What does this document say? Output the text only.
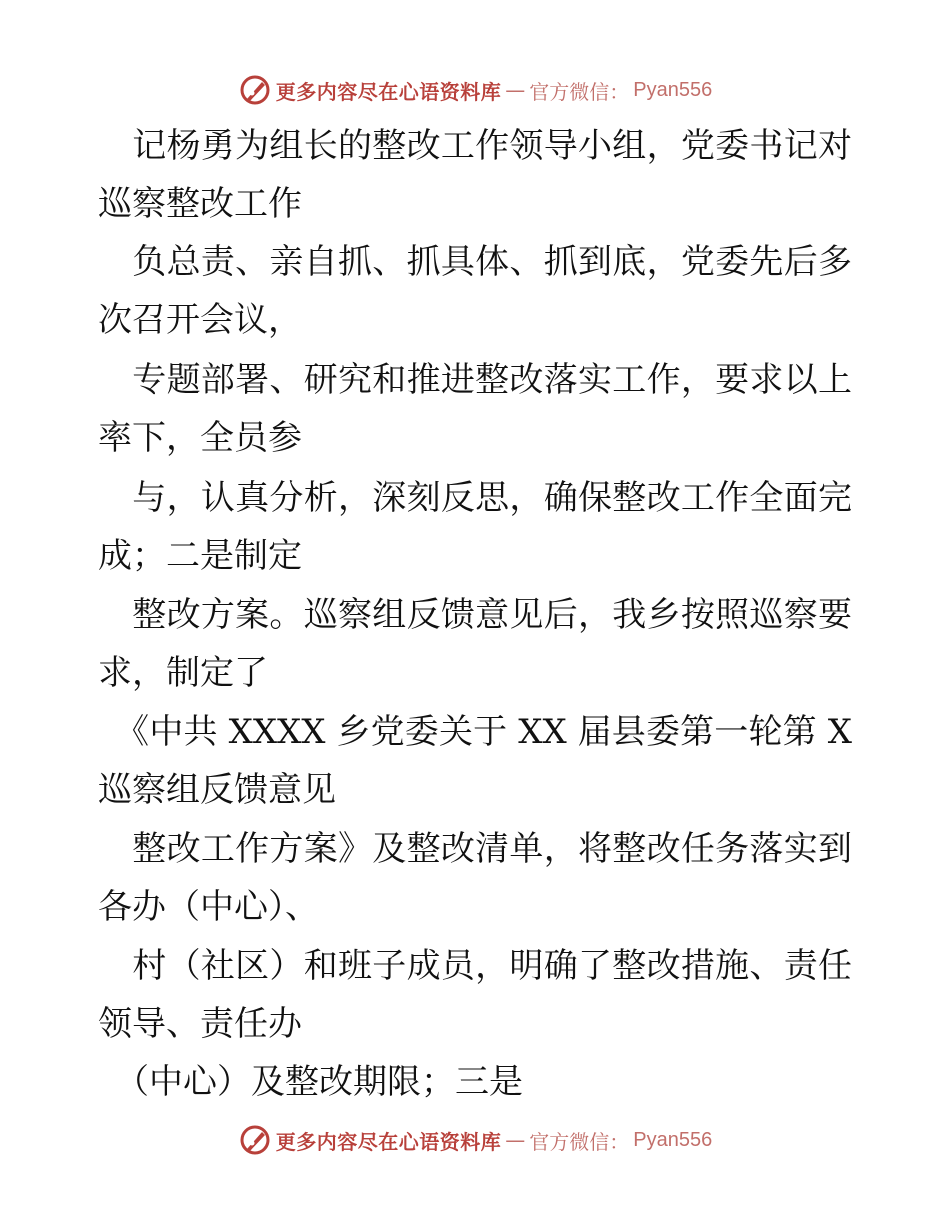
更多内容尽在心语资料库 — 官方微信： Pyan556
　记杨勇为组长的整改工作领导小组，党委书记对
巡察整改工作
　负总责、亲自抓、抓具体、抓到底，党委先后多
次召开会议，
　专题部署、研究和推进整改落实工作，要求以上
率下，全员参
　与，认真分析，深刻反思，确保整改工作全面完
成；二是制定
　整改方案。巡察组反馈意见后，我乡按照巡察要
求，制定了
　《中共 XXXX 乡党委关于 XX 届县委第一轮第 X
巡察组反馈意见
　整改工作方案》及整改清单，将整改任务落实到
各办（中心）、
　村（社区）和班子成员，明确了整改措施、责任
领导、责任办
　（中心）及整改期限；三是
更多内容尽在心语资料库 — 官方微信： Pyan556
